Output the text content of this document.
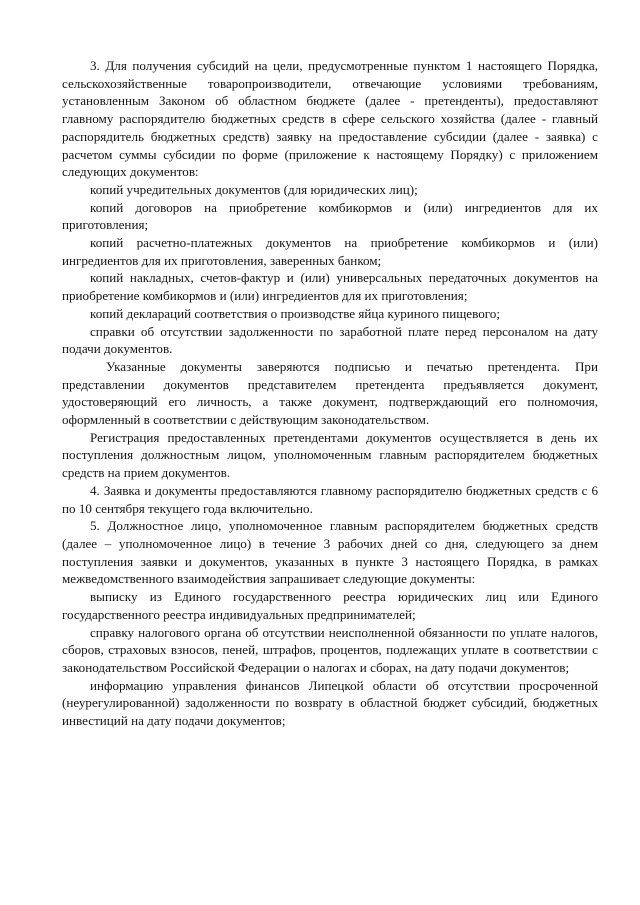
3. Для получения субсидий на цели, предусмотренные пунктом 1 настоящего Порядка, сельскохозяйственные товаропроизводители, отвечающие условиями требованиям, установленным Законом об областном бюджете (далее - претенденты), предоставляют главному распорядителю бюджетных средств в сфере сельского хозяйства (далее - главный распорядитель бюджетных средств) заявку на предоставление субсидии (далее - заявка) с расчетом суммы субсидии по форме (приложение к настоящему Порядку) с приложением следующих документов:

копий учредительных документов (для юридических лиц);

копий договоров на приобретение комбикормов и (или) ингредиентов для их приготовления;

копий расчетно-платежных документов на приобретение комбикормов и (или) ингредиентов для их приготовления, заверенных банком;

копий накладных, счетов-фактур и (или) универсальных передаточных документов на приобретение комбикормов и (или) ингредиентов для их приготовления;

копий деклараций соответствия о производстве яйца куриного пищевого;

справки об отсутствии задолженности по заработной плате перед персоналом на дату подачи документов.

Указанные документы заверяются подписью и печатью претендента. При представлении документов представителем претендента предъявляется документ, удостоверяющий его личность, а также документ, подтверждающий его полномочия, оформленный в соответствии с действующим законодательством.

Регистрация предоставленных претендентами документов осуществляется в день их поступления должностным лицом, уполномоченным главным распорядителем бюджетных средств на прием документов.

4. Заявка и документы предоставляются главному распорядителю бюджетных средств с 6 по 10 сентября текущего года включительно.

5. Должностное лицо, уполномоченное главным распорядителем бюджетных средств (далее – уполномоченное лицо) в течение 3 рабочих дней со дня, следующего за днем поступления заявки и документов, указанных в пункте 3 настоящего Порядка, в рамках межведомственного взаимодействия запрашивает следующие документы:

выписку из Единого государственного реестра юридических лиц или Единого государственного реестра индивидуальных предпринимателей;

справку налогового органа об отсутствии неисполненной обязанности по уплате налогов, сборов, страховых взносов, пеней, штрафов, процентов, подлежащих уплате в соответствии с законодательством Российской Федерации о налогах и сборах, на дату подачи документов;

информацию управления финансов Липецкой области об отсутствии просроченной (неурегулированной) задолженности по возврату в областной бюджет субсидий, бюджетных инвестиций на дату подачи документов;
